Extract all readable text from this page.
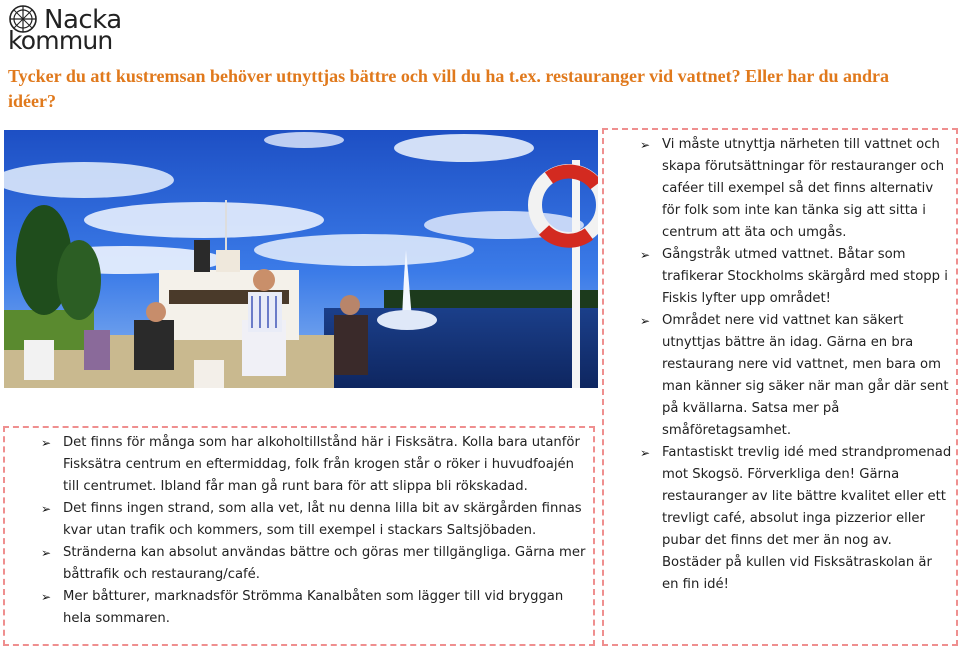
Nacka
kommun
Tycker du att kustremsan behöver utnyttjas bättre och vill du ha t.ex. restauranger vid vattnet? Eller har du andra idéer?
➢ Det finns för många som har alkoholtillstånd här i Fisksätra. Kolla bara utanför Fisksätra centrum en eftermiddag, folk från krogen står o röker i huvudfoajén till centrumet. Ibland får man gå runt bara för att slippa bli rökskadad.
➢ Det finns ingen strand, som alla vet, låt nu denna lilla bit av skärgården finnas kvar utan trafik och kommers, som till exempel i stackars Saltsjöbaden.
➢ Stränderna kan absolut användas bättre och göras mer tillgängliga. Gärna mer båttrafik och restaurang/café.
➢ Mer båtturer, marknadsför Strömma Kanalbåten som lägger till vid bryggan hela sommaren.
➢ Vi måste utnyttja närheten till vattnet och skapa förutsättningar för restauranger och caféer till exempel så det finns alternativ för folk som inte kan tänka sig att sitta i centrum att äta och umgås.
➢ Gångstråk utmed vattnet. Båtar som trafikerar Stockholms skärgård med stopp i Fiskis lyfter upp området!
➢ Området nere vid vattnet kan säkert utnyttjas bättre än idag. Gärna en bra restaurang nere vid vattnet, men bara om man känner sig säker när man går där sent på kvällarna. Satsa mer på småföretagsamhet.
➢ Fantastiskt trevlig idé med strandpromenad mot Skogsö. Förverkliga den! Gärna restauranger av lite bättre kvalitet eller ett trevligt café, absolut inga pizzerior eller pubar det finns det mer än nog av. Bostäder på kullen vid Fisksätraskolan är en fin idé!
